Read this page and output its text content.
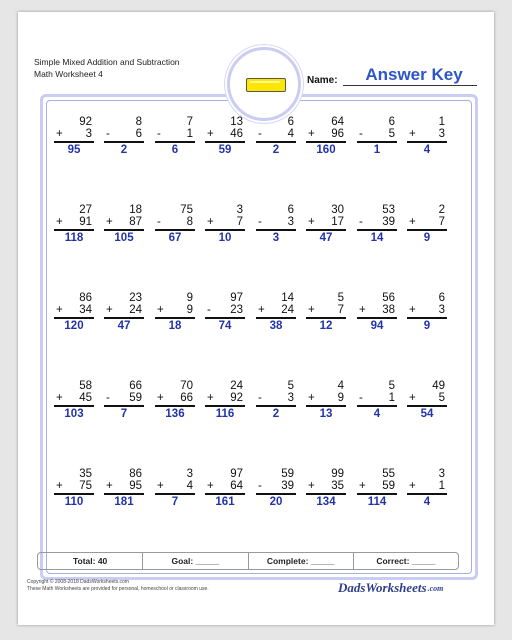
Simple Mixed Addition and Subtraction
Math Worksheet 4
Name:	Answer Key
92
+ 3
95
8
- 6
2
7
- 1
6
13
+ 46
59
6
- 4
2
64
+ 96
160
6
- 5
1
1
+ 3
4
27
+ 91
118
18
+ 87
105
75
- 8
67
3
+ 7
10
6
- 3
3
30
+ 17
47
53
- 39
14
2
+ 7
9
86
+ 34
120
23
+ 24
47
9
+ 9
18
97
- 23
74
14
+ 24
38
5
+ 7
12
56
+ 38
94
6
+ 3
9
58
+ 45
103
66
- 59
7
70
+ 66
136
24
+ 92
116
5
- 3
2
4
+ 9
13
5
- 1
4
49
+ 5
54
35
+ 75
110
86
+ 95
181
3
+ 4
7
97
+ 64
161
59
- 39
20
99
+ 35
134
55
+ 59
114
3
+ 1
4
Total: 40	Goal: _____	Complete: _____	Correct: _____
Copyright © 2008-2018 DadsWorksheets.com
These Math Worksheets are provided for personal, homeschool or classroom use.	DadsWorksheets .com
